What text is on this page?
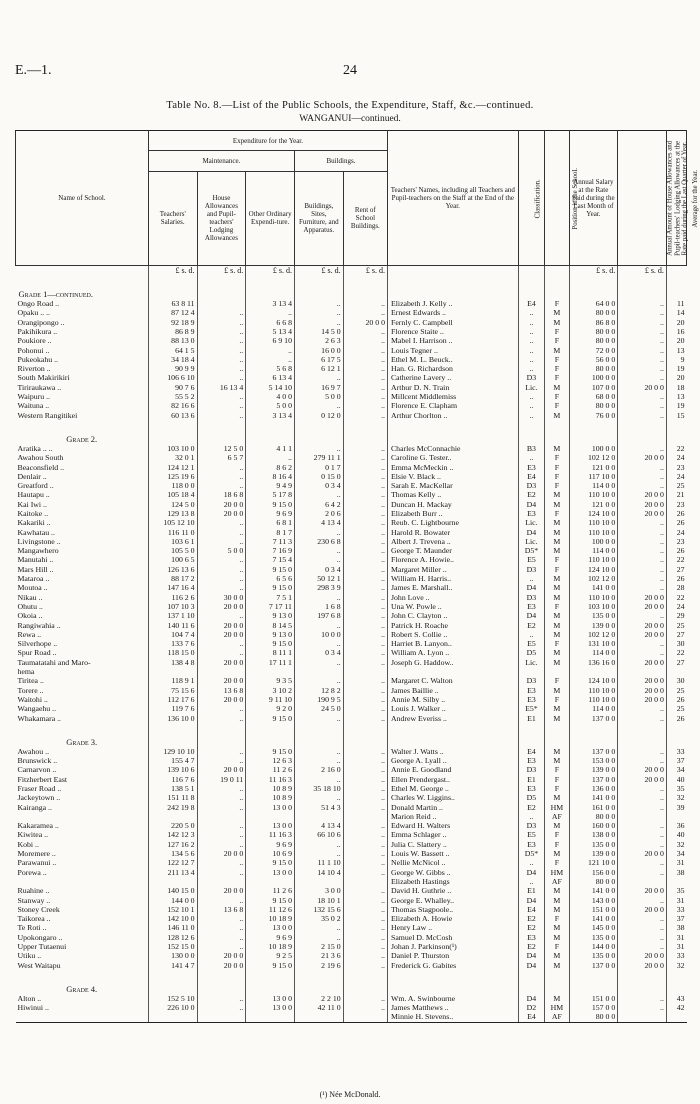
E.—1.	24
Table No. 8.—List of the Public Schools, the Expenditure, Staff, &c.—continued.
WANGANUI—continued.
Name of School.	Expenditure for the Year.					Teachers' Names, including all Teachers and Pupil-teachers on the Staff at the End of the Year.	Classification.	Position in the School.	Annual Salary at the Rate paid during the Last Month of Year.	Annual Amount of House Allowances and Pupil-teachers' Lodging Allowances at the Rate paid during the Last Quarter of Year.	Average for the Year.
	Maintenance.			Buildings.							
	Teachers' Salaries.	House Allowances and Pupil-teachers' Lodging Allowances	Other Ordinary Expendi-ture.	Buildings, Sites, Furniture, and Apparatus.	Rent of School Buildings.						
	£ s. d.	£ s. d.	£ s. d.	£ s. d.	£ s. d.				£ s. d.	£ s. d.	
Grade 1—continued.											
Ongo Road ..	63 8 11		3 13 4	..	..	Elizabeth J. Kelly ..	E4	F	64 0 0	..	11
Opaku .. ..	87 12 4	..	..	..	..	Ernest Edwards ..	..	M	80 0 0	..	14
Orangipongo ..	92 18 9	..	6 6 8	..	20 0 0	Fernly C. Campbell	..	M	86 8 0	..	20
Pakihikura ..	86 8 9	..	5 13 4	14 5 0	..	Florence Staite ..	..	F	80 0 0	..	16
Poukiore ..	88 13 0	..	6 9 10	2 6 3	..	Mabel I. Harrison ..	..	F	80 0 0	..	20
Pohonui ..	64 1 5	..	..	16 0 0	..	Louis Tegner ..	..	M	72 0 0	..	13
Pukeokahu ..	34 18 4	..	..	6 17 5	..	Ethel M. L. Beuck..	..	F	56 0 0	..	9
Riverton ..	90 9 9	..	5 6 8	6 12 1	..	Han. G. Richardson	..	F	80 0 0	..	19
South Makirikiri	106 6 10	..	6 13 4	..	..	Catherine Lavery ..	D3	F	100 0 0	..	20
Tiriraukawa ..	90 7 6	16 13 4	5 14 10	16 9 7	..	Arthur D. N. Train	Lic.	M	107 0 0	20 0 0	18
Waipuru ..	55 5 2	..	4 0 0	5 0 0	..	Millcent Middlemiss	..	F	68 0 0	..	13
Waituna ..	82 16 6	..	5 0 0	..	..	Florence E. Clapham	..	F	80 0 0	..	19
Western Rangitikei	60 13 6	..	3 13 4	0 12 0	..	Arthur Chorlton ..	..	M	76 0 0	..	15
Grade 2.											
Aratika .. ..	103 10 0	12 5 0	4 1 1	..	..	Charles McConnachie	B3	M	100 0 0	..	22
Awahou South	32 0 1	6 5 7	..	279 11 1	..	Caroline G. Tester..	..	F	102 12 0	20 0 0	24
Beaconsfield ..	124 12 1	..	8 6 2	0 1 7	..	Emma McMeckin ..	E3	F	121 0 0	..	23
Denlair ..	125 19 6	..	8 16 4	0 15 0	..	Elsie V. Black ..	E4	F	117 10 0	..	24
Greatford ..	118 0 0	..	9 4 9	0 3 4	..	Sarah E. MacKellar	D3	F	114 0 0	..	25
Hautapu ..	105 18 4	18 6 8	5 17 8	..	..	Thomas Kelly ..	E2	M	110 10 0	20 0 0	21
Kai Iwi ..	124 5 0	20 0 0	9 15 0	6 4 2	..	Duncan H. Mackay	D4	M	121 0 0	20 0 0	23
Kaitoke ..	129 13 8	20 0 0	9 6 9	2 0 6	..	Elizabeth Burr ..	E3	F	124 10 0	20 0 0	26
Kakariki ..	105 12 10	..	6 8 1	4 13 4	..	Reub. C. Lightbourne	Lic.	M	110 10 0	..	26
Kawhatau ..	116 11 0	..	8 1 7	..	..	Harold R. Bowater	D4	M	110 10 0	..	24
Livingstone ..	103 6 1	..	7 11 3	230 6 8	..	Albert J. Trevena ..	Lic.	M	100 0 0	..	23
Mangawhero	105 5 0	5 0 0	7 16 9	..	..	George T. Maunder	D5*	M	114 0 0	..	26
Manutahi ..	100 6 5	..	7 15 4	..	..	Florence A. Howie..	E5	F	110 10 0	..	22
Mars Hill ..	126 13 6	..	9 15 0	0 3 4	..	Margaret Miller ..	D3	F	124 10 0	..	27
Mataroa ..	88 17 2	..	6 5 6	50 12 1	..	William H. Harris..	..	M	102 12 0	..	26
Moutoa ..	147 16 4	..	9 15 0	298 3 9	..	James E. Marshall..	D4	M	141 0 0	..	28
Nikau ..	116 2 6	30 0 0	7 5 1	..	..	John Love ..	D3	M	110 10 0	20 0 0	22
Ohutu ..	107 10 3	20 0 0	7 17 11	1 6 8	..	Una W. Powle ..	E3	F	103 10 0	20 0 0	24
Okoia ..	137 1 10	..	9 13 0	197 6 8	..	John C. Clayton ..	D4	M	135 0 0	..	29
Rangiwahia ..	140 11 6	20 0 0	8 14 5	..	..	Patrick H. Roache	E2	M	139 0 0	20 0 0	25
Rewa ..	104 7 4	20 0 0	9 13 0	10 0 0	..	Robert S. Collie ..	..	M	102 12 0	20 0 0	27
Silverhope ..	133 7 6	..	9 15 0	..	..	Harriet B. Lanyon..	E5	F	131 10 0	..	30
Spur Road ..	118 15 0	..	8 11 1	0 3 4	..	William A. Lyon ..	D5	M	114 0 0	..	22
Taumatatahi and Maro-	138 4 8	20 0 0	17 11 1	..	..	Joseph G. Haddow..	Lic.	M	136 16 0	20 0 0	27
hema											
Tiritea ..	118 9 1	20 0 0	9 3 5	..	..	Margaret C. Walton	D3	F	124 10 0	20 0 0	30
Torere ..	75 15 6	13 6 8	3 10 2	12 8 2	..	James Baillie ..	E3	M	110 10 0	20 0 0	25
Waitohi ..	112 17 6	20 0 0	9 11 10	190 9 5	..	Annie M. Silby ..	E3	F	110 10 0	20 0 0	26
Wangaehu ..	119 7 6	..	9 2 0	24 5 0	..	Louis J. Walker ..	E5*	M	114 0 0	..	25
Whakamara ..	136 10 0	..	9 15 0	..	..	Andrew Everiss ..	E1	M	137 0 0	..	26
Grade 3.											
Awahou ..	129 10 10	..	9 15 0	..	..	Walter J. Watts ..	E4	M	137 0 0	..	33
Brunswick ..	155 4 7	..	12 6 3	..	..	George A. Lyall ..	E3	M	153 0 0	..	37
Carnarvon ..	139 10 6	20 0 0	11 2 6	2 16 0	..	Annie E. Goodland	D3	F	139 0 0	20 0 0	34
Fitzherbert East	116 7 6	19 0 11	11 16 3	..	..	Ellen Prendergast..	E1	F	137 0 0	20 0 0	40
Fraser Road ..	138 5 1	..	10 8 9	35 18 10	..	Ethel M. George ..	E3	F	136 0 0	..	35
Jackeytown ..	151 11 8	..	10 8 9	..	..	Charles W. Liggins..	D5	M	141 0 0	..	32
Kairanga ..	242 19 8	..	13 0 0	51 4 3	..	Donald Martin ..	E2	HM	161 0 0	..	39
						Marion Reid ..	..	AF	80 0 0		
Kakaramea ..	220 5 0	..	13 0 0	4 13 4	..	Edward H. Walters	D3	M	160 0 0	..	36
Kiwitea ..	142 12 3	..	11 16 3	66 10 6	..	Emma Schlager ..	E5	F	138 0 0	..	40
Kobi ..	127 16 2	..	9 6 9	..	..	Julia C. Slattery ..	E3	F	135 0 0	..	32
Moremere ..	134 5 6	20 0 0	10 6 9	..	..	Louis W. Bassett ..	D5*	M	139 0 0	20 0 0	34
Parawanui ..	122 12 7	..	9 15 0	11 1 10	..	Nellie McNicol ..	..	F	121 10 0	..	31
Porewa ..	211 13 4	..	13 0 0	14 10 4	..	George W. Gibbs ..	D4	HM	156 0 0	..	38
						Elizabeth Hastings	..	AF	80 0 0		
Ruahine ..	140 15 0	20 0 0	11 2 6	3 0 0	..	David H. Guthrie ..	E1	M	141 0 0	20 0 0	35
Stanway ..	144 0 0	..	9 15 0	18 10 1	..	George E. Whalley..	D4	M	143 0 0	..	31
Stoney Creek	152 10 1	13 6 8	11 12 6	132 15 6	..	Thomas Stagpoole..	E4	M	151 0 0	20 0 0	33
Taikorea ..	142 10 0	..	10 18 9	35 0 2	..	Elizabeth A. Howie	E2	F	141 0 0	..	37
Te Roti ..	146 11 0	..	13 0 0	..	..	Henry Law ..	E2	M	145 0 0	..	38
Upokongaro ..	128 12 6	..	9 6 9	..	..	Samuel D. McCosh	E3	M	135 0 0	..	31
Upper Tutaenui	152 15 0	..	10 18 9	2 15 0	..	Johan J. Parkinson(¹)	E2	F	144 0 0	..	31
Utiku ..	130 0 0	20 0 0	9 2 5	21 3 6	..	Daniel P. Thurston	D4	M	135 0 0	20 0 0	33
West Waitapu	141 4 7	20 0 0	9 15 0	2 19 6	..	Frederick G. Gabites	D4	M	137 0 0	20 0 0	32
Grade 4.											
Alton ..	152 5 10	..	13 0 0	2 2 10	..	Wm. A. Swinbourne	D4	M	151 0 0	..	43
Hiwinui ..	226 10 0	..	13 0 0	42 11 0	..	James Matthews ..	D2	HM	157 0 0	..	42
						Minnie H. Stevens..	E4	AF	80 0 0		
(¹) Née McDonald.
